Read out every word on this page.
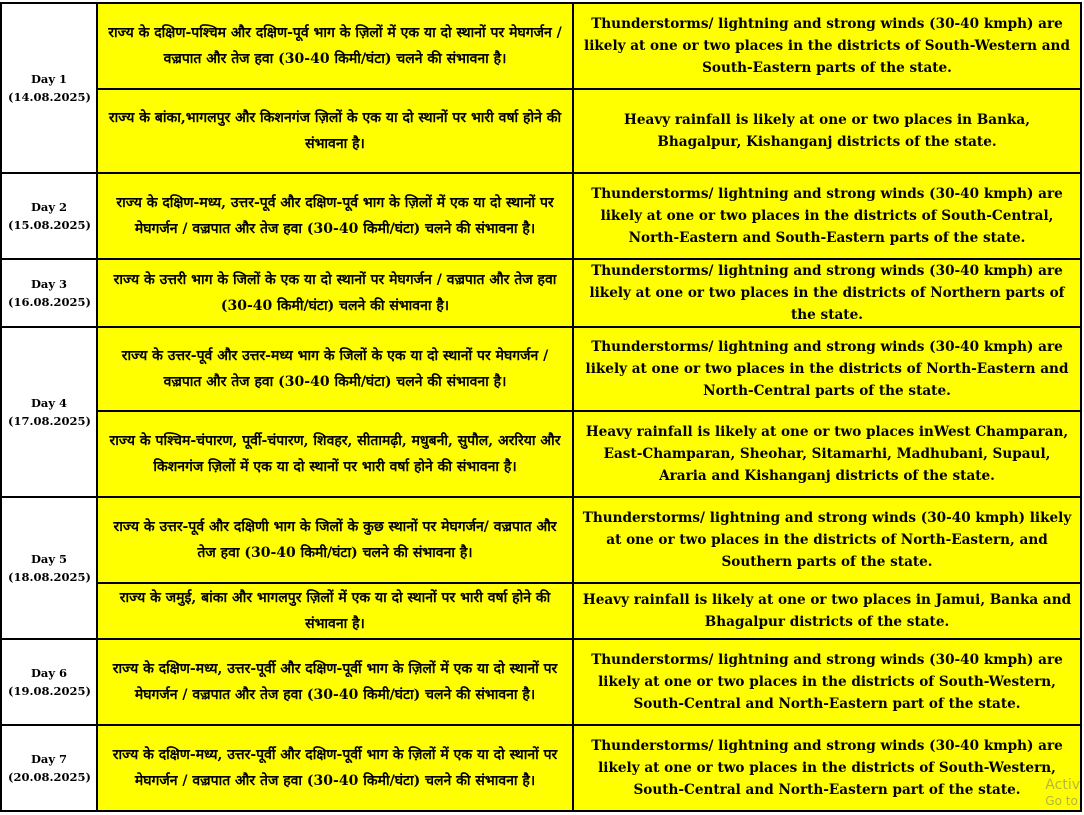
Day 1
(14.08.2025)	राज्य के दक्षिण-पश्चिम और दक्षिण-पूर्व भाग के ज़िलों में एक या दो स्थानों पर मेघगर्जन / वज़्रपात और तेज हवा (30-40 किमी/घंटा) चलने की संभावना है।	Thunderstorms/ lightning and strong winds (30-40 kmph) are likely at one or two places in the districts of South-Western and South-Eastern parts of the state.
	राज्य के बांका,भागलपुर और किशनगंज ज़िलों के एक या दो स्थानों पर भारी वर्षा होने की संभावना है।	Heavy rainfall is likely at one or two places in Banka, Bhagalpur, Kishanganj districts of the state.

Day 2
(15.08.2025)	राज्य के दक्षिण-मध्य, उत्तर-पूर्व और दक्षिण-पूर्व भाग के ज़िलों में एक या दो स्थानों पर मेघगर्जन / वज़्रपात और तेज हवा (30-40 किमी/घंटा) चलने की संभावना है।	Thunderstorms/ lightning and strong winds (30-40 kmph) are likely at one or two places in the districts of South-Central, North-Eastern and South-Eastern parts of the state.

Day 3
(16.08.2025)	राज्य के उत्तरी भाग के जिलों के एक या दो स्थानों पर मेघगर्जन / वज़्रपात और तेज हवा (30-40 किमी/घंटा) चलने की संभावना है।	Thunderstorms/ lightning and strong winds (30-40 kmph) are likely at one or two places in the districts of Northern parts of the state.

Day 4
(17.08.2025)	राज्य के उत्तर-पूर्व और उत्तर-मध्य भाग के जिलों के एक या दो स्थानों पर मेघगर्जन / वज़्रपात और तेज हवा (30-40 किमी/घंटा) चलने की संभावना है।	Thunderstorms/ lightning and strong winds (30-40 kmph) are likely at one or two places in the districts of North-Eastern and North-Central parts of the state.
	राज्य के पश्चिम-चंपारण, पूर्वी-चंपारण, शिवहर, सीतामढ़ी, मधुबनी, सुपौल, अररिया और किशनगंज ज़िलों में एक या दो स्थानों पर भारी वर्षा होने की संभावना है।	Heavy rainfall is likely at one or two places inWest Champaran, East-Champaran, Sheohar, Sitamarhi, Madhubani, Supaul, Araria and Kishanganj districts of the state.

Day 5
(18.08.2025)	राज्य के उत्तर-पूर्व और दक्षिणी भाग के जिलों के कुछ स्थानों पर मेघगर्जन/ वज़्रपात और तेज हवा (30-40 किमी/घंटा) चलने की संभावना है।	Thunderstorms/ lightning and strong winds (30-40 kmph) likely at one or two places in the districts of North-Eastern, and Southern parts of the state.
	राज्य के जमुई, बांका और भागलपुर ज़िलों में एक या दो स्थानों पर भारी वर्षा होने की संभावना है।	Heavy rainfall is likely at one or two places in Jamui, Banka and Bhagalpur districts of the state.

Day 6
(19.08.2025)	राज्य के दक्षिण-मध्य, उत्तर-पूर्वी और दक्षिण-पूर्वी भाग के ज़िलों में एक या दो स्थानों पर मेघगर्जन / वज़्रपात और तेज हवा (30-40 किमी/घंटा) चलने की संभावना है।	Thunderstorms/ lightning and strong winds (30-40 kmph) are likely at one or two places in the districts of South-Western, South-Central and North-Eastern part of the state.

Day 7
(20.08.2025)	राज्य के दक्षिण-मध्य, उत्तर-पूर्वी और दक्षिण-पूर्वी भाग के ज़िलों में एक या दो स्थानों पर मेघगर्जन / वज़्रपात और तेज हवा (30-40 किमी/घंटा) चलने की संभावना है।	Thunderstorms/ lightning and strong winds (30-40 kmph) are likely at one or two places in the districts of South-Western, South-Central and North-Eastern part of the state. Activ
Go to
